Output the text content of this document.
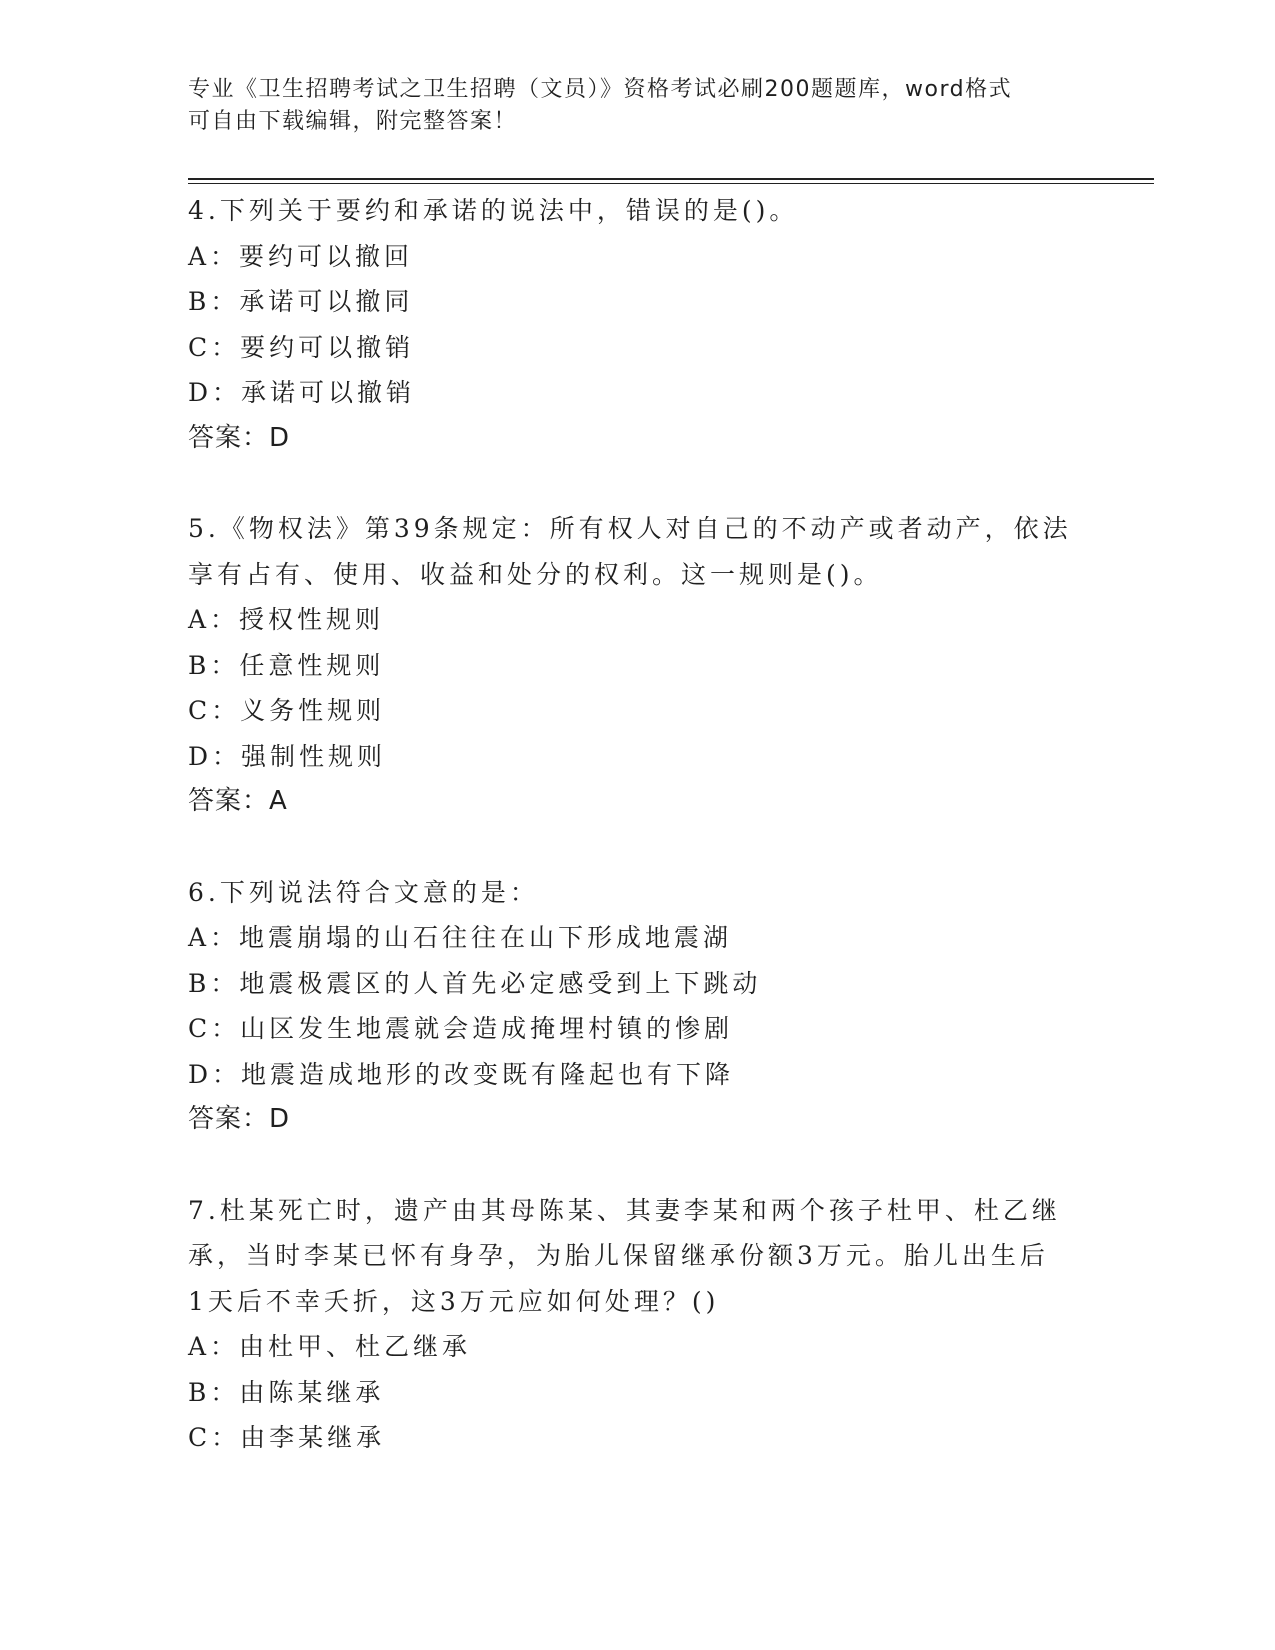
专业《卫生招聘考试之卫生招聘（文员）》资格考试必刷200题题库，word格式
可自由下载编辑，附完整答案！
4.下列关于要约和承诺的说法中，错误的是()。
A：要约可以撤回
B：承诺可以撤同
C：要约可以撤销
D：承诺可以撤销
答案：D
5.《物权法》第39条规定：所有权人对自己的不动产或者动产，依法
享有占有、使用、收益和处分的权利。这一规则是()。
A：授权性规则
B：任意性规则
C：义务性规则
D：强制性规则
答案：A
6.下列说法符合文意的是：
A：地震崩塌的山石往往在山下形成地震湖
B：地震极震区的人首先必定感受到上下跳动
C：山区发生地震就会造成掩埋村镇的惨剧
D：地震造成地形的改变既有隆起也有下降
答案：D
7.杜某死亡时，遗产由其母陈某、其妻李某和两个孩子杜甲、杜乙继
承，当时李某已怀有身孕，为胎儿保留继承份额3万元。胎儿出生后
1天后不幸夭折，这3万元应如何处理？()
A：由杜甲、杜乙继承
B：由陈某继承
C：由李某继承
